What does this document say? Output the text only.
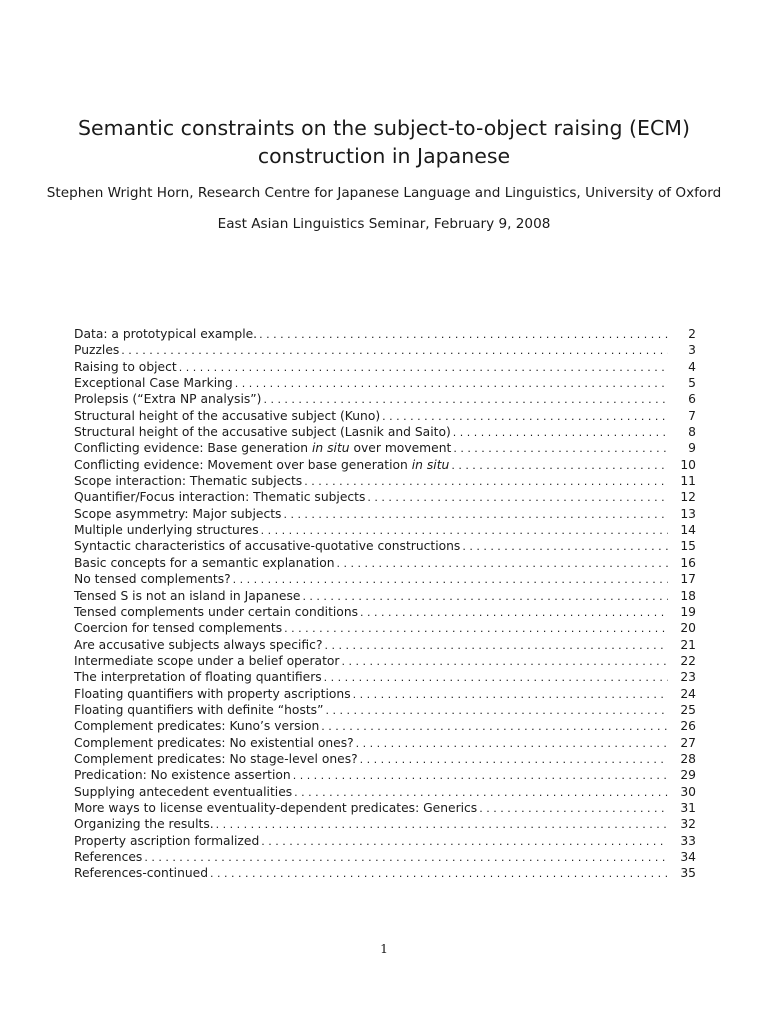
Semantic constraints on the subject-to-object raising (ECM)
construction in Japanese
Stephen Wright Horn, Research Centre for Japanese Language and Linguistics, University of Oxford
East Asian Linguistics Seminar, February 9, 2008
Data: a prototypical example. . . .	2
Puzzles . . .	3
Raising to object . . .	4
Exceptional Case Marking . . .	5
Prolepsis (“Extra NP analysis”) . . .	6
Structural height of the accusative subject (Kuno) . . .	7
Structural height of the accusative subject (Lasnik and Saito) . . .	8
Conflicting evidence: Base generation in situ over movement . . .	9
Conflicting evidence: Movement over base generation in situ . . .	10
Scope interaction: Thematic subjects . . .	11
Quantifier/Focus interaction: Thematic subjects . . .	12
Scope asymmetry: Major subjects . . .	13
Multiple underlying structures . . .	14
Syntactic characteristics of accusative-quotative constructions . . .	15
Basic concepts for a semantic explanation . . .	16
No tensed complements? . . .	17
Tensed S is not an island in Japanese . . .	18
Tensed complements under certain conditions . . .	19
Coercion for tensed complements . . .	20
Are accusative subjects always specific? . . .	21
Intermediate scope under a belief operator . . .	22
The interpretation of floating quantifiers . . .	23
Floating quantifiers with property ascriptions . . .	24
Floating quantifiers with definite “hosts” . . .	25
Complement predicates: Kuno’s version . . .	26
Complement predicates: No existential ones? . . .	27
Complement predicates: No stage-level ones? . . .	28
Predication: No existence assertion . . .	29
Supplying antecedent eventualities . . .	30
More ways to license eventuality-dependent predicates: Generics . . .	31
Organizing the results. . . .	32
Property ascription formalized . . .	33
References . . .	34
References-continued . . .	35
1
